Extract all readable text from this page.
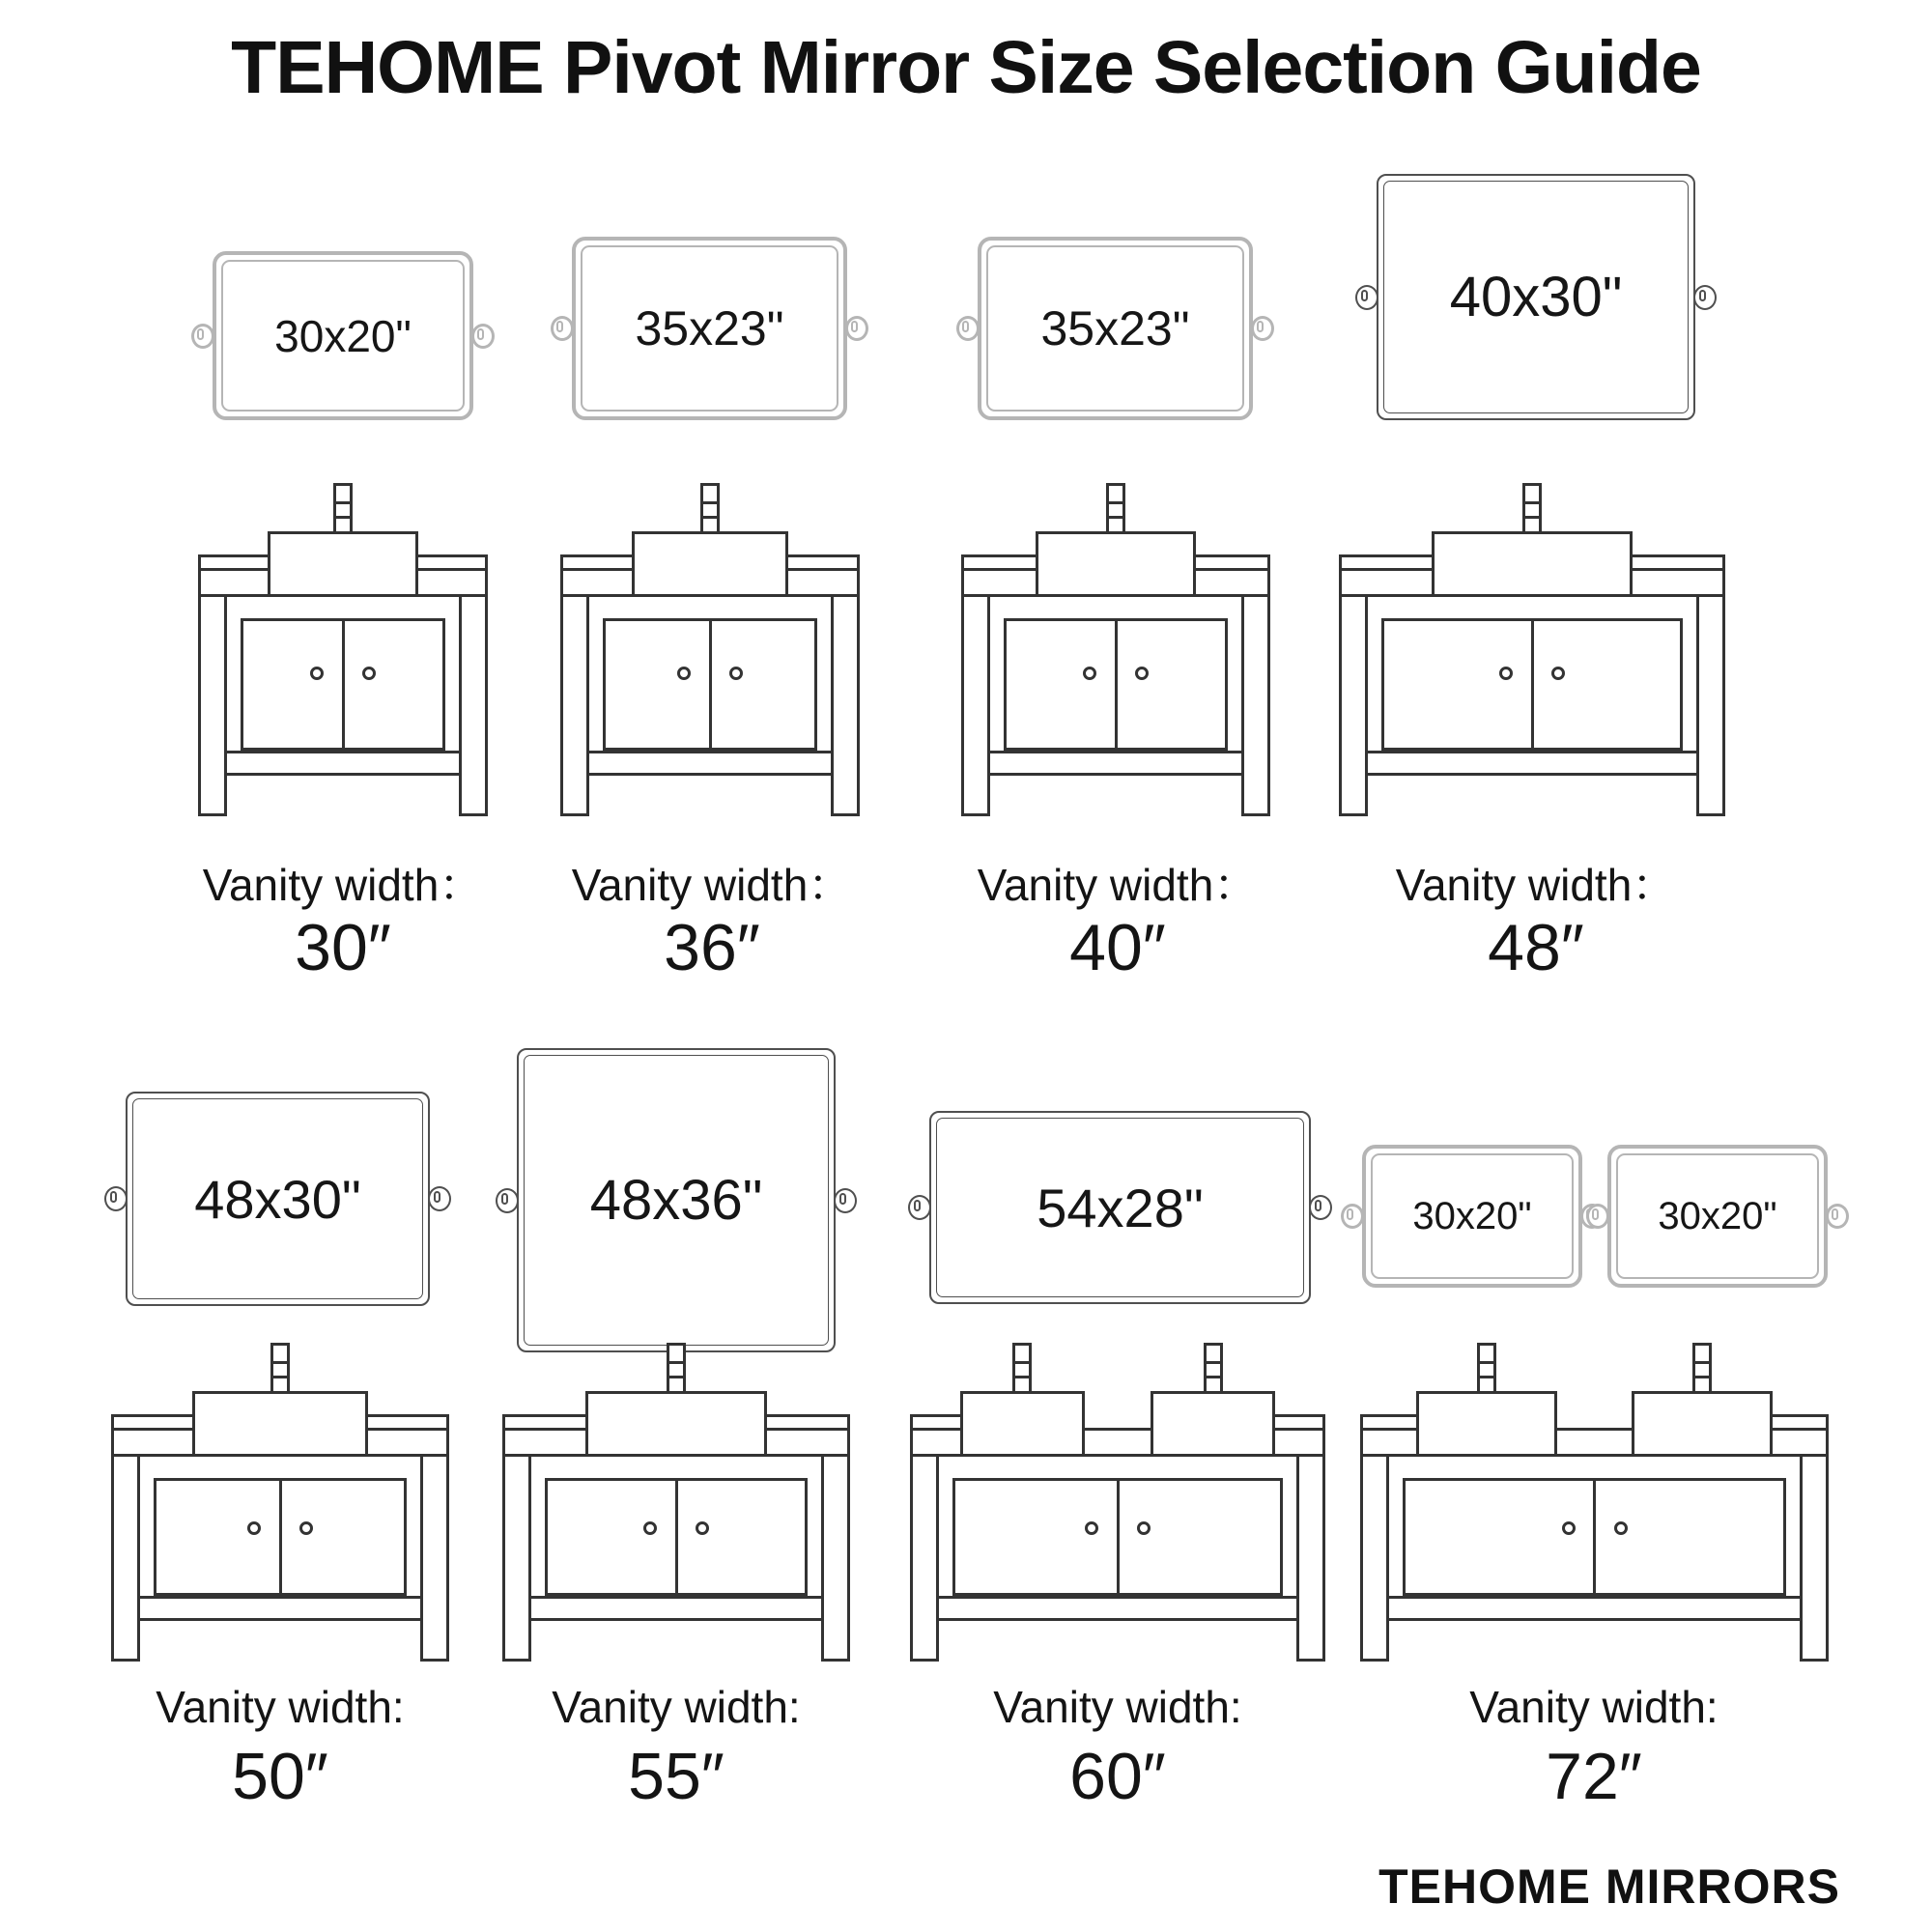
TEHOME Pivot Mirror Size Selection Guide
30x20"	35x23"	35x23"	40x30"
Vanity width：
30″
Vanity width：
36″
Vanity width：
40″
Vanity width：
48″
48x30"	48x36"	54x28"	30x20"	30x20"
Vanity width:
50″
Vanity width:
55″
Vanity width:
60″
Vanity width:
72″
TEHOME MIRRORS
